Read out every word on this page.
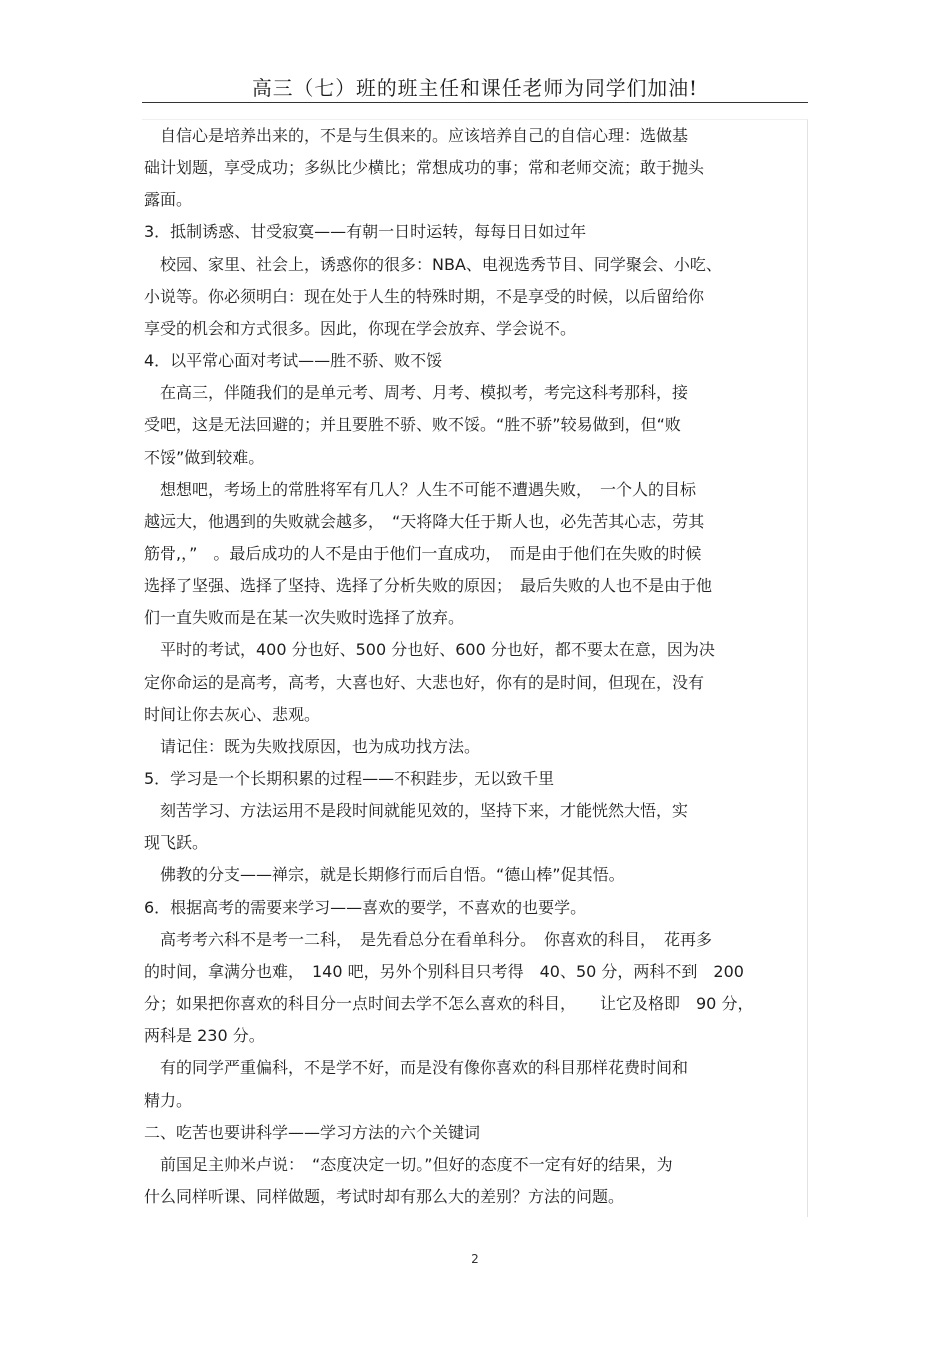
高三（七）班的班主任和课任老师为同学们加油!
　自信心是培养出来的，不是与生俱来的。应该培养自己的自信心理：选做基
础计划题，享受成功；多纵比少横比；常想成功的事；常和老师交流；敢于抛头
露面。
3．抵制诱惑、甘受寂寞——有朝一日时运转，每每日日如过年
　校园、家里、社会上，诱惑你的很多：NBA、电视选秀节目、同学聚会、小吃、
小说等。你必须明白：现在处于人生的特殊时期，不是享受的时候，以后留给你
享受的机会和方式很多。因此，你现在学会放弃、学会说不。
4．以平常心面对考试——胜不骄、败不馁
　在高三，伴随我们的是单元考、周考、月考、模拟考，考完这科考那科，接
受吧，这是无法回避的；并且要胜不骄、败不馁。“胜不骄”较易做到，但“败
不馁”做到较难。
　想想吧，考场上的常胜将军有几人？人生不可能不遭遇失败，　一个人的目标
越远大，他遇到的失败就会越多，　“天将降大任于斯人也，必先苦其心志，劳其
筋骨,，”　。最后成功的人不是由于他们一直成功，　而是由于他们在失败的时候
选择了坚强、选择了坚持、选择了分析失败的原因；　最后失败的人也不是由于他
们一直失败而是在某一次失败时选择了放弃。
　平时的考试，400 分也好、500 分也好、600 分也好，都不要太在意，因为决
定你命运的是高考，高考，大喜也好、大悲也好，你有的是时间，但现在，没有
时间让你去灰心、悲观。
　请记住：既为失败找原因，也为成功找方法。
5．学习是一个长期积累的过程——不积跬步，无以致千里
　刻苦学习、方法运用不是段时间就能见效的，坚持下来，才能恍然大悟，实
现飞跃。
　佛教的分支——禅宗，就是长期修行而后自悟。“德山棒”促其悟。
6．根据高考的需要来学习——喜欢的要学，不喜欢的也要学。
　高考考六科不是考一二科，　是先看总分在看单科分。　你喜欢的科目，　花再多
的时间，拿满分也难，　140 吧，另外个别科目只考得　40、50 分，两科不到　200
分；如果把你喜欢的科目分一点时间去学不怎么喜欢的科目，　　让它及格即　90 分，
两科是 230 分。
　有的同学严重偏科，不是学不好，而是没有像你喜欢的科目那样花费时间和
精力。
二、吃苦也要讲科学——学习方法的六个关键词
　前国足主帅米卢说：　“态度决定一切。”但好的态度不一定有好的结果，为
什么同样听课、同样做题，考试时却有那么大的差别？方法的问题。
2
